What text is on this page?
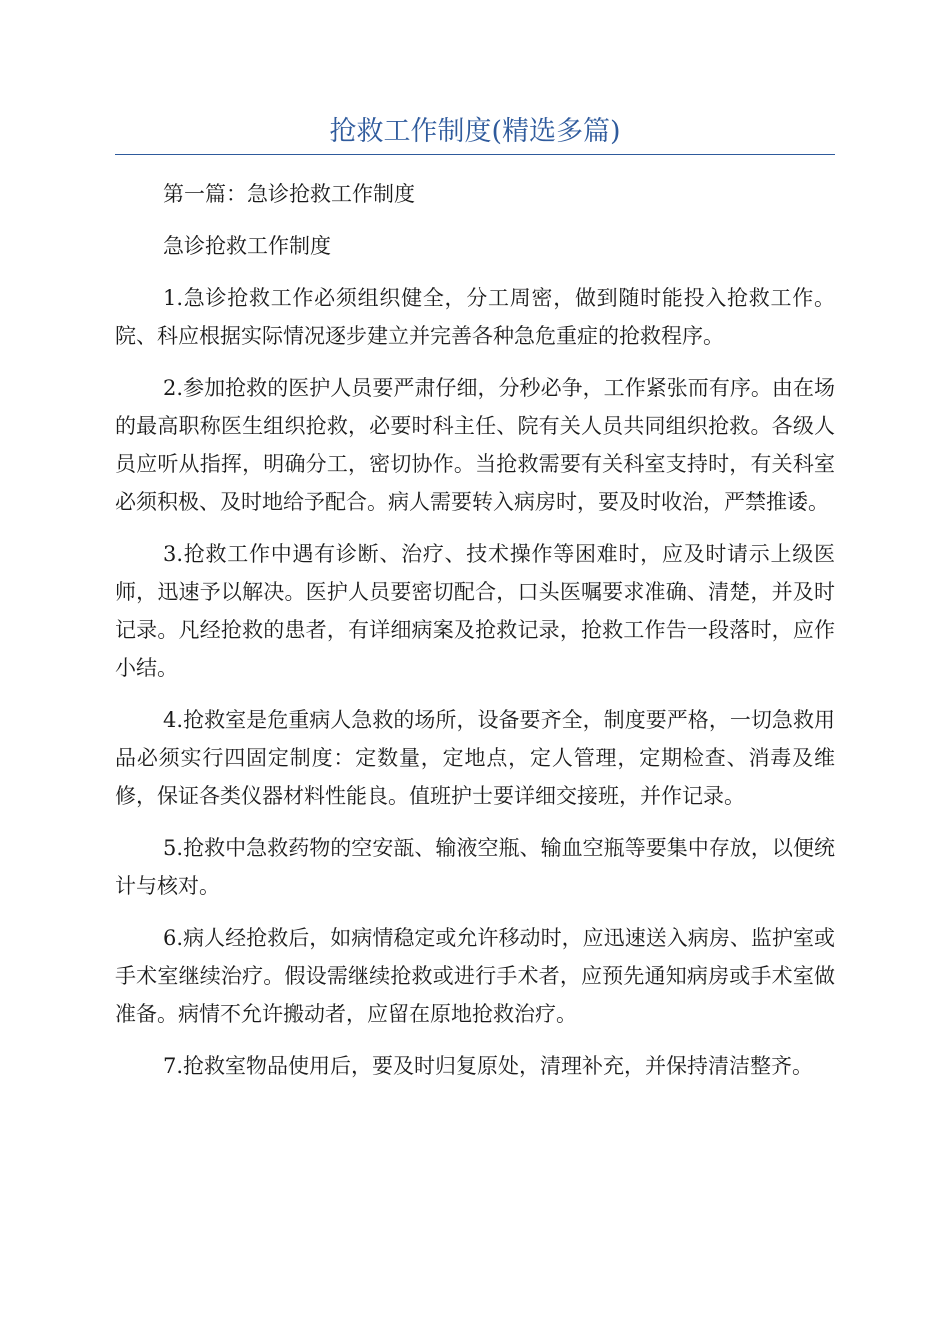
抢救工作制度(精选多篇)

第一篇：急诊抢救工作制度

急诊抢救工作制度

1.急诊抢救工作必须组织健全，分工周密，做到随时能投入抢救工作。院、科应根据实际情况逐步建立并完善各种急危重症的抢救程序。

2.参加抢救的医护人员要严肃仔细，分秒必争，工作紧张而有序。由在场的最高职称医生组织抢救，必要时科主任、院有关人员共同组织抢救。各级人员应听从指挥，明确分工，密切协作。当抢救需要有关科室支持时，有关科室必须积极、及时地给予配合。病人需要转入病房时，要及时收治，严禁推诿。

3.抢救工作中遇有诊断、治疗、技术操作等困难时，应及时请示上级医师，迅速予以解决。医护人员要密切配合，口头医嘱要求准确、清楚，并及时记录。凡经抢救的患者，有详细病案及抢救记录，抢救工作告一段落时，应作小结。

4.抢救室是危重病人急救的场所，设备要齐全，制度要严格，一切急救用品必须实行四固定制度：定数量，定地点，定人管理，定期检查、消毒及维修，保证各类仪器材料性能良。值班护士要详细交接班，并作记录。

5.抢救中急救药物的空安瓿、输液空瓶、输血空瓶等要集中存放，以便统计与核对。

6.病人经抢救后，如病情稳定或允许移动时，应迅速送入病房、监护室或手术室继续治疗。假设需继续抢救或进行手术者，应预先通知病房或手术室做准备。病情不允许搬动者，应留在原地抢救治疗。

7.抢救室物品使用后，要及时归复原处，清理补充，并保持清洁整齐。
